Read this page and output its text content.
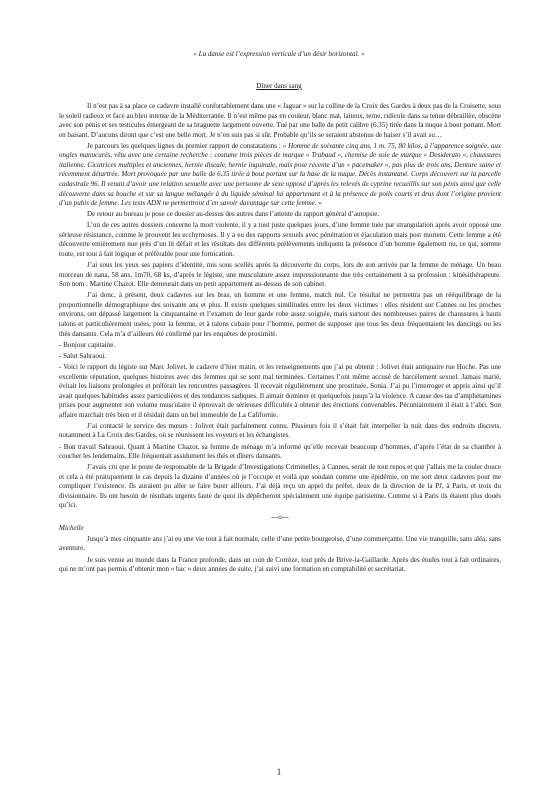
« La danse est l’expression verticale d’un désir horizontal. »
Dîner dans sang

Il n’est pas à sa place ce cadavre installé confortablement dans une « Jaguar » sur la colline de la Croix des Gardes à deux pas de la Croisette, sous le soleil radieux et face au bleu intense de la Méditerranée. Il n’est même pas en couleur, blanc mat, laiteux, terne, ridicule dans sa tenue débraillée, obscène avec son pénis et ses testicules émergeant de sa braguette largement ouverte. Tué par une balle de petit calibre (6.35) tirée dans la nuque à bout portant. Mort en baisant. D’aucuns diront que c’est une belle mort. Je n’en suis pas si sûr. Probable qu’ils se seraient abstenus de baiser s’il avait su…

Je parcours les quelques lignes du premier rapport de constatations : « Homme de soixante cinq ans, 1 m. 75, 80 kilos, à l’apparence soignée, aux ongles manucurés, vêtu avec une certaine recherche : costume trois pièces de marque « Trabaud », chemise de soie de marque « Desiderato », chaussures italienne. Cicatrices multiples et anciennes, hernie discale, hernie inguinale, mais pose récente d’un « pacemaker », pas plus de trois ans. Denture saine et récemment détartrée. Mort provoquée par une balle de 6.35 tirée à bout portant sur la base de la nuque. Décès instantané. Corps découvert sur la parcelle cadastrale 96. Il venait d’avoir une relation sexuelle avec une personne de sexe opposé d’après les relevés de cyprine recueillis sur son pénis ainsi que celle découverte dans sa bouche et sur sa langue mélangée à du liquide séminal lui appartenant et à la présence de poils courts et drus dont l’origine provient d’un pubis de femme. Les tests ADN ne permettront d’en savoir davantage sur cette femme. »

De retour au bureau je pose ce dossier au-dessus des autres dans l’attente du rapport général d’autopsie.

L’un de ces autres dossiers concerne la mort violente, il y a tout juste quelques jours, d’une femme tuée par strangulation après avoir opposé une sérieuse résistance, comme le prouvent les ecchymoses. Il y a eu des rapports sexuels avec pénétration et éjaculation mais post mortem. Cette femme a été découverte entièrement nue près d’un lit défait et les résultats des différents prélèvements indiquent la présence d’un homme également nu, ce qui, somme toute, est tout à fait logique et préférable pour une fornication.

J’ai sous les yeux ses papiers d’identité, mis sous scellés après la découverte du corps, lors de son arrivée par la femme de ménage. Un beau morceau de nana, 58 ans, 1m70, 68 ks, d’après le légiste, une musculature assez impressionnante due très certainement à sa profession : kinésithérapeute. Son nom : Martine Chazot. Elle demeurait dans un petit appartement au-dessus de son cabinet.

J’ai donc, à présent, deux cadavres sur les bras, un homme et une femme, match nul. Ce résultat ne permettra pas un rééquilibrage de la proportionnelle démographique des soixante ans et plus. Il existe quelques similitudes entre les deux victimes : elles résident sur Cannes ou les proches environs, ont dépassé largement la cinquantaine et l’examen de leur garde robe assez soignée, mais surtout des nombreuses paires de chaussures à hauts talons et particulièrement usées, pour la femme, et à talons cubain pour l’homme, permet de supposer que tous les deux fréquentaient les dancings ou les thés dansants. Cela m’a d’ailleurs été confirmé par les enquêtes de proximité.

- Bonjour capitaine.

- Salut Sahraoui.

- Voici le rapport du légiste sur Marc Jolivet, le cadavre d’hier matin, et les renseignements que j’ai pu obtenir : Jolivet était antiquaire rue Hoche. Pas une excellente réputation, quelques histoires avec des femmes qui se sont mal terminées. Certaines l’ont même accusé de harcèlement sexuel. Jamais marié, évitait les liaisons prolongées et préférait les rencontres passagères. Il recevait régulièrement une prostituée, Sonia. J’ai pu l’interroger et appris ainsi qu’il avait quelques habitudes assez particulières et des tendances sadiques. Il aimait dominer et quelquefois jusqu’à la violence. A cause des tas d’amphétamines prises pour augmenter son volume musculaire il éprouvait de sérieuses difficultés à obtenir des érections convenables. Pécuniairement il était à l’abri. Son affaire marchait très bien et il résidait dans un bel immeuble de La Californie.

J’ai contacté le service des mœurs : Jolivet était parfaitement connu. Plusieurs fois il s’était fait interpeller la nuit dans des endroits discrets, notamment à La Croix des Gardes, où se réunissent les voyeurs et les échangistes.

- Bon travail Sahraoui. Quant à Martine Chazot, sa femme de ménage m’a informé qu’elle recevait beaucoup d’hommes, d’après l’état de sa chambre à coucher les lendemains. Elle fréquentait assidument les thés et dîners dansants.

J’avais cru que le poste de responsable de la Brigade d’Investigations Criminelles, à Cannes, serait de tout repos et que j’allais me la couler douce et cela a été pratiquement le cas depuis la dizaine d’années où je l’occupe et voilà que soudain comme une épidémie, on me sort deux cadavres pour me compliquer l’existence. Ils auraient pu aller se faire buter ailleurs. J’ai déjà reçu un appel du préfet, deux de la direction de la PJ, à Paris, et trois du divisionnaire. Ils ont besoin de résultats urgents faute de quoi ils dépêcheront spécialement une équipe parisienne. Comme si à Paris ils étaient plus doués qu’ici.

---o---

Michelle

Jusqu’à mes cinquante ans j’ai eu une vie tout à fait normale, celle d’une petite bourgeoise, d’une commerçante. Une vie tranquille, sans aléa, sans aventure.

Je suis venue au monde dans la France profonde, dans un coin de Corrèze, tout près de Brive-la-Gaillarde. Après des études tout à fait ordinaires, qui ne m’ont pas permis d’obtenir mon « bac » deux années de suite, j’ai suivi une formation en comptabilité et secrétariat.

1
